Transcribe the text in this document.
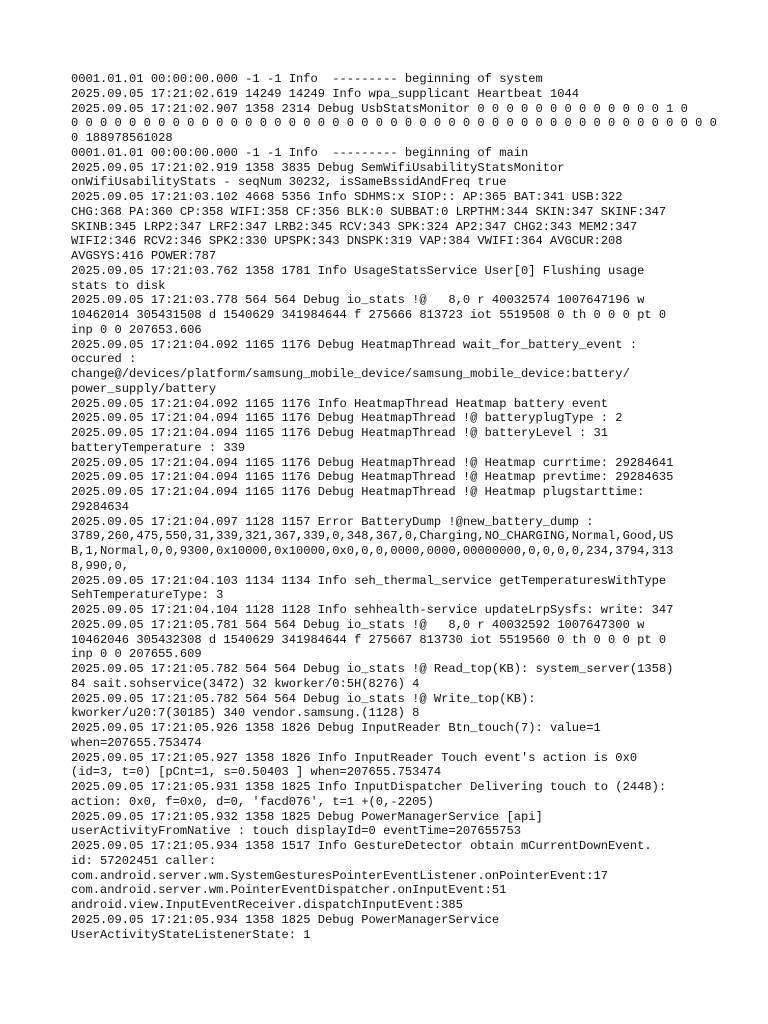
0001.01.01 00:00:00.000 -1 -1 Info  --------- beginning of system
2025.09.05 17:21:02.619 14249 14249 Info wpa_supplicant Heartbeat 1044
2025.09.05 17:21:02.907 1358 2314 Debug UsbStatsMonitor 0 0 0 0 0 0 0 0 0 0 0 0 0 1 0
0 0 0 0 0 0 0 0 0 0 0 0 0 0 0 0 0 0 0 0 0 0 0 0 0 0 0 0 0 0 0 0 0 0 0 0 0 0 0 0 0 0 0 0 0
0 188978561028
0001.01.01 00:00:00.000 -1 -1 Info  --------- beginning of main
2025.09.05 17:21:02.919 1358 3835 Debug SemWifiUsabilityStatsMonitor
onWifiUsabilityStats - seqNum 30232, isSameBssidAndFreq true
2025.09.05 17:21:03.102 4668 5356 Info SDHMS:x SIOP:: AP:365 BAT:341 USB:322
CHG:368 PA:360 CP:358 WIFI:358 CF:356 BLK:0 SUBBAT:0 LRPTHM:344 SKIN:347 SKINF:347
SKINB:345 LRP2:347 LRF2:347 LRB2:345 RCV:343 SPK:324 AP2:347 CHG2:343 MEM2:347
WIFI2:346 RCV2:346 SPK2:330 UPSPK:343 DNSPK:319 VAP:384 VWIFI:364 AVGCUR:208
AVGSYS:416 POWER:787
2025.09.05 17:21:03.762 1358 1781 Info UsageStatsService User[0] Flushing usage
stats to disk
2025.09.05 17:21:03.778 564 564 Debug io_stats !@   8,0 r 40032574 1007647196 w
10462014 305431508 d 1540629 341984644 f 275666 813723 iot 5519508 0 th 0 0 0 pt 0
inp 0 0 207653.606
2025.09.05 17:21:04.092 1165 1176 Debug HeatmapThread wait_for_battery_event :
occured :
change@/devices/platform/samsung_mobile_device/samsung_mobile_device:battery/
power_supply/battery
2025.09.05 17:21:04.092 1165 1176 Info HeatmapThread Heatmap battery event
2025.09.05 17:21:04.094 1165 1176 Debug HeatmapThread !@ batteryplugType : 2
2025.09.05 17:21:04.094 1165 1176 Debug HeatmapThread !@ batteryLevel : 31
batteryTemperature : 339
2025.09.05 17:21:04.094 1165 1176 Debug HeatmapThread !@ Heatmap currtime: 29284641
2025.09.05 17:21:04.094 1165 1176 Debug HeatmapThread !@ Heatmap prevtime: 29284635
2025.09.05 17:21:04.094 1165 1176 Debug HeatmapThread !@ Heatmap plugstarttime:
29284634
2025.09.05 17:21:04.097 1128 1157 Error BatteryDump !@new_battery_dump :
3789,260,475,550,31,339,321,367,339,0,348,367,0,Charging,NO_CHARGING,Normal,Good,US
B,1,Normal,0,0,9300,0x10000,0x10000,0x0,0,0,0000,0000,00000000,0,0,0,0,234,3794,313
8,990,0,
2025.09.05 17:21:04.103 1134 1134 Info seh_thermal_service getTemperaturesWithType
SehTemperatureType: 3
2025.09.05 17:21:04.104 1128 1128 Info sehhealth-service updateLrpSysfs: write: 347
2025.09.05 17:21:05.781 564 564 Debug io_stats !@   8,0 r 40032592 1007647300 w
10462046 305432308 d 1540629 341984644 f 275667 813730 iot 5519560 0 th 0 0 0 pt 0
inp 0 0 207655.609
2025.09.05 17:21:05.782 564 564 Debug io_stats !@ Read_top(KB): system_server(1358)
84 sait.sohservice(3472) 32 kworker/0:5H(8276) 4
2025.09.05 17:21:05.782 564 564 Debug io_stats !@ Write_top(KB):
kworker/u20:7(30185) 340 vendor.samsung.(1128) 8
2025.09.05 17:21:05.926 1358 1826 Debug InputReader Btn_touch(7): value=1
when=207655.753474
2025.09.05 17:21:05.927 1358 1826 Info InputReader Touch event's action is 0x0
(id=3, t=0) [pCnt=1, s=0.50403 ] when=207655.753474
2025.09.05 17:21:05.931 1358 1825 Info InputDispatcher Delivering touch to (2448):
action: 0x0, f=0x0, d=0, 'facd076', t=1 +(0,-2205)
2025.09.05 17:21:05.932 1358 1825 Debug PowerManagerService [api]
userActivityFromNative : touch displayId=0 eventTime=207655753
2025.09.05 17:21:05.934 1358 1517 Info GestureDetector obtain mCurrentDownEvent.
id: 57202451 caller:
com.android.server.wm.SystemGesturesPointerEventListener.onPointerEvent:17
com.android.server.wm.PointerEventDispatcher.onInputEvent:51
android.view.InputEventReceiver.dispatchInputEvent:385
2025.09.05 17:21:05.934 1358 1825 Debug PowerManagerService
UserActivityStateListenerState: 1
